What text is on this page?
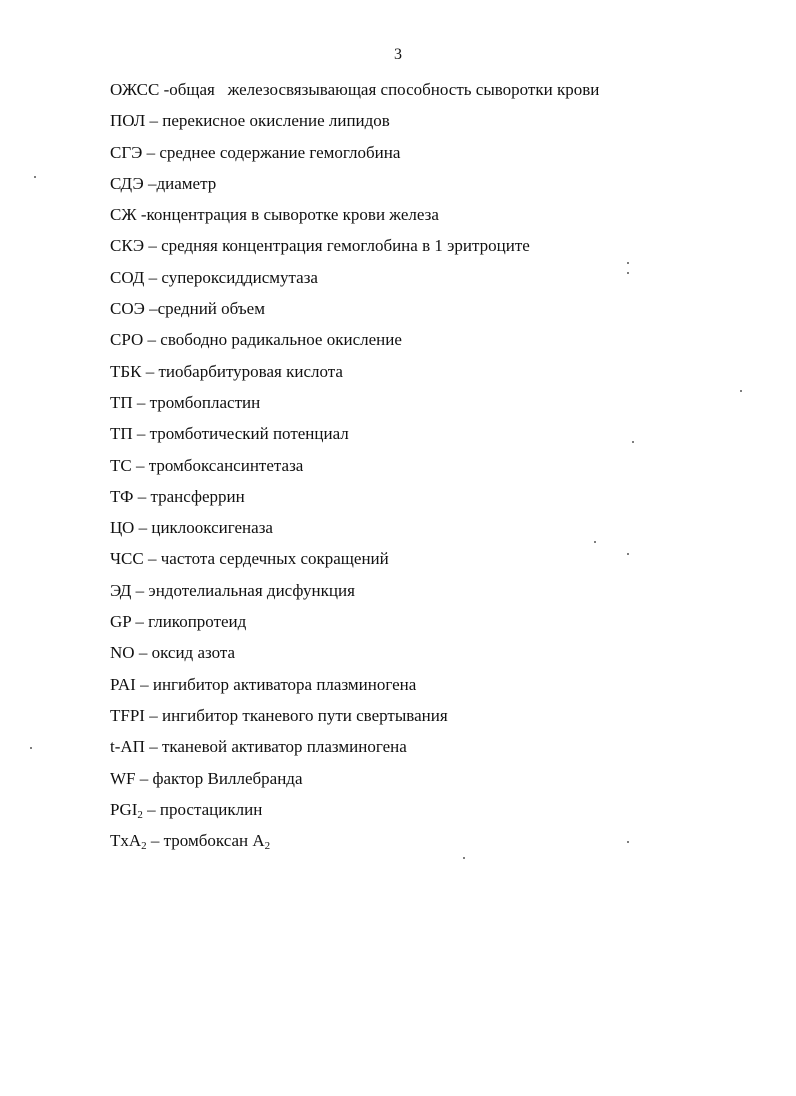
3
ОЖСС -общая   железосвязывающая способность сыворотки крови
ПОЛ – перекисное окисление липидов
СГЭ – среднее содержание гемоглобина
СДЭ –диаметр
СЖ -концентрация в сыворотке крови железа
СКЭ – средняя концентрация гемоглобина в 1 эритроците
СОД – супероксиддисмутаза
СОЭ –средний объем
СРО – свободно радикальное окисление
ТБК – тиобарбитуровая кислота
ТП – тромбопластин
ТП – тромботический потенциал
ТС – тромбоксансинтетаза
ТФ – трансферрин
ЦО – циклооксигеназа
ЧСС – частота сердечных сокращений
ЭД – эндотелиальная дисфункция
GP – гликопротеид
NO – оксид азота
PAI – ингибитор активатора плазминогена
TFPI – ингибитор тканевого пути свертывания
t-АП – тканевой активатор плазминогена
WF – фактор Виллебранда
$PGI_2$ – простациклин
TxA$_2$ – тромбоксан $A_2$
